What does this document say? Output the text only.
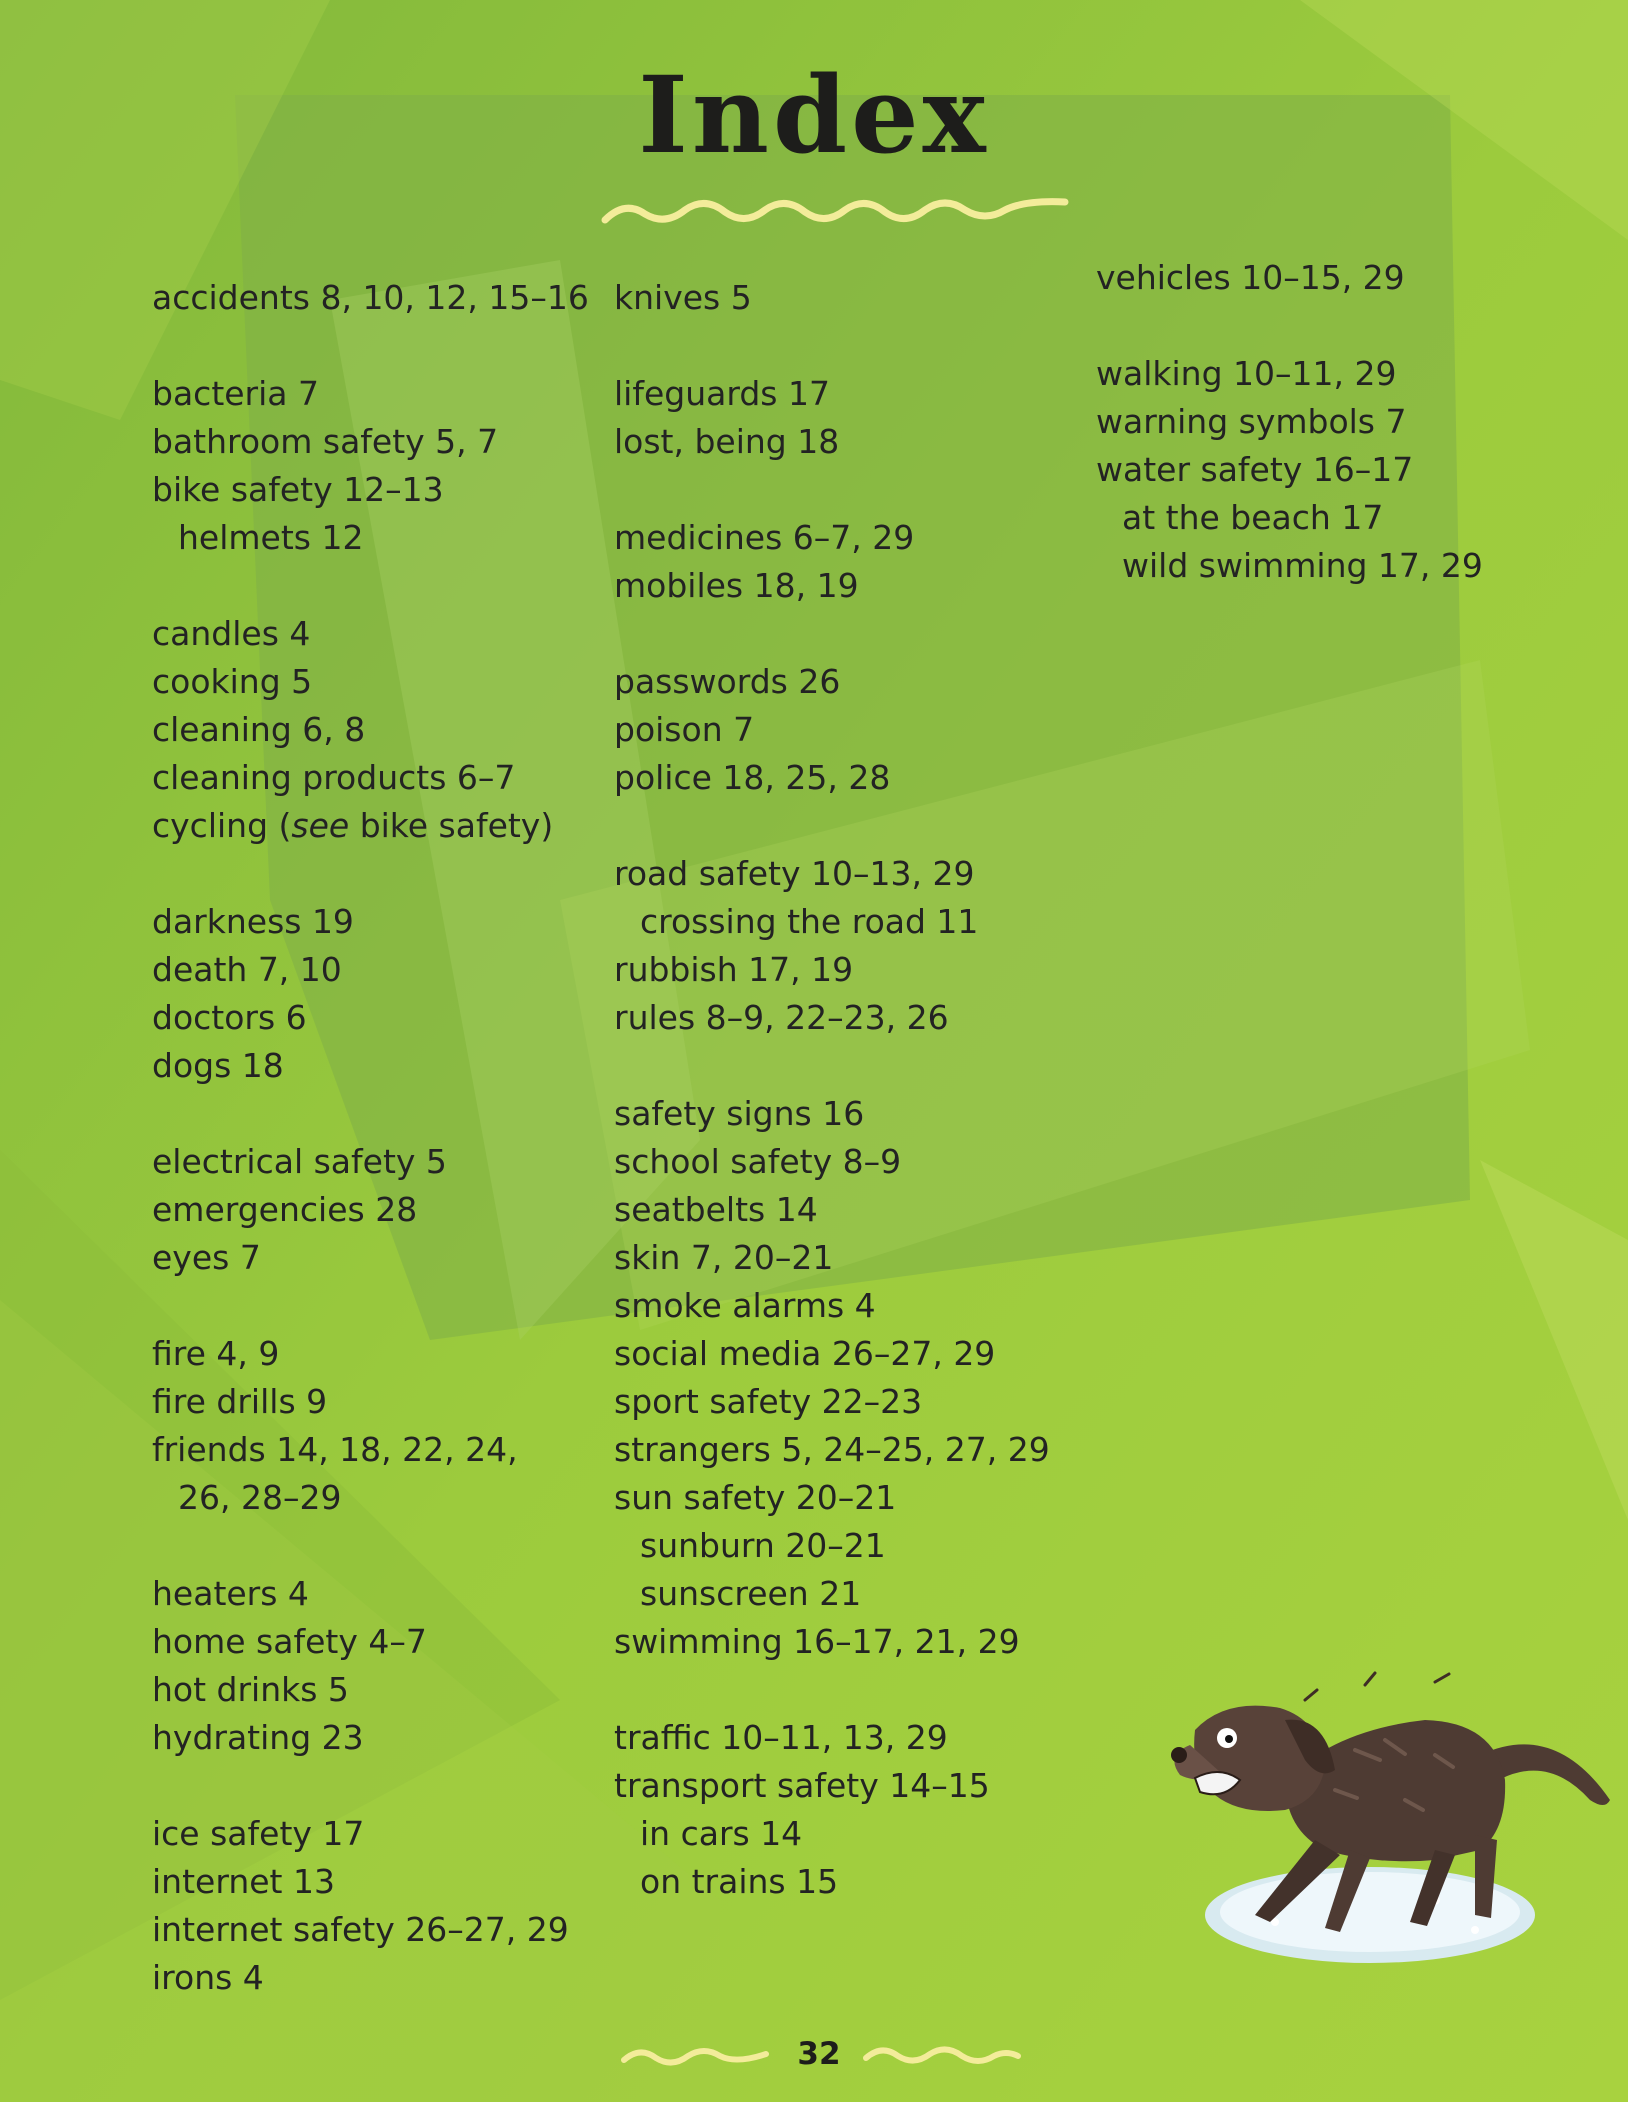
Index
accidents 8, 10, 12, 15–16
bacteria 7
bathroom safety 5, 7
bike safety 12–13
helmets 12
candles 4
cooking 5
cleaning 6, 8
cleaning products 6–7
cycling (see bike safety)
darkness 19
death 7, 10
doctors 6
dogs 18
electrical safety 5
emergencies 28
eyes 7
fire 4, 9
fire drills 9
friends 14, 18, 22, 24,
26, 28–29
heaters 4
home safety 4–7
hot drinks 5
hydrating 23
ice safety 17
internet 13
internet safety 26–27, 29
irons 4
knives 5
lifeguards 17
lost, being 18
medicines 6–7, 29
mobiles 18, 19
passwords 26
poison 7
police 18, 25, 28
road safety 10–13, 29
crossing the road 11
rubbish 17, 19
rules 8–9, 22–23, 26
safety signs 16
school safety 8–9
seatbelts 14
skin 7, 20–21
smoke alarms 4
social media 26–27, 29
sport safety 22–23
strangers 5, 24–25, 27, 29
sun safety 20–21
sunburn 20–21
sunscreen 21
swimming 16–17, 21, 29
traffic 10–11, 13, 29
transport safety 14–15
in cars 14
on trains 15
vehicles 10–15, 29
walking 10–11, 29
warning symbols 7
water safety 16–17
at the beach 17
wild swimming 17, 29
32
